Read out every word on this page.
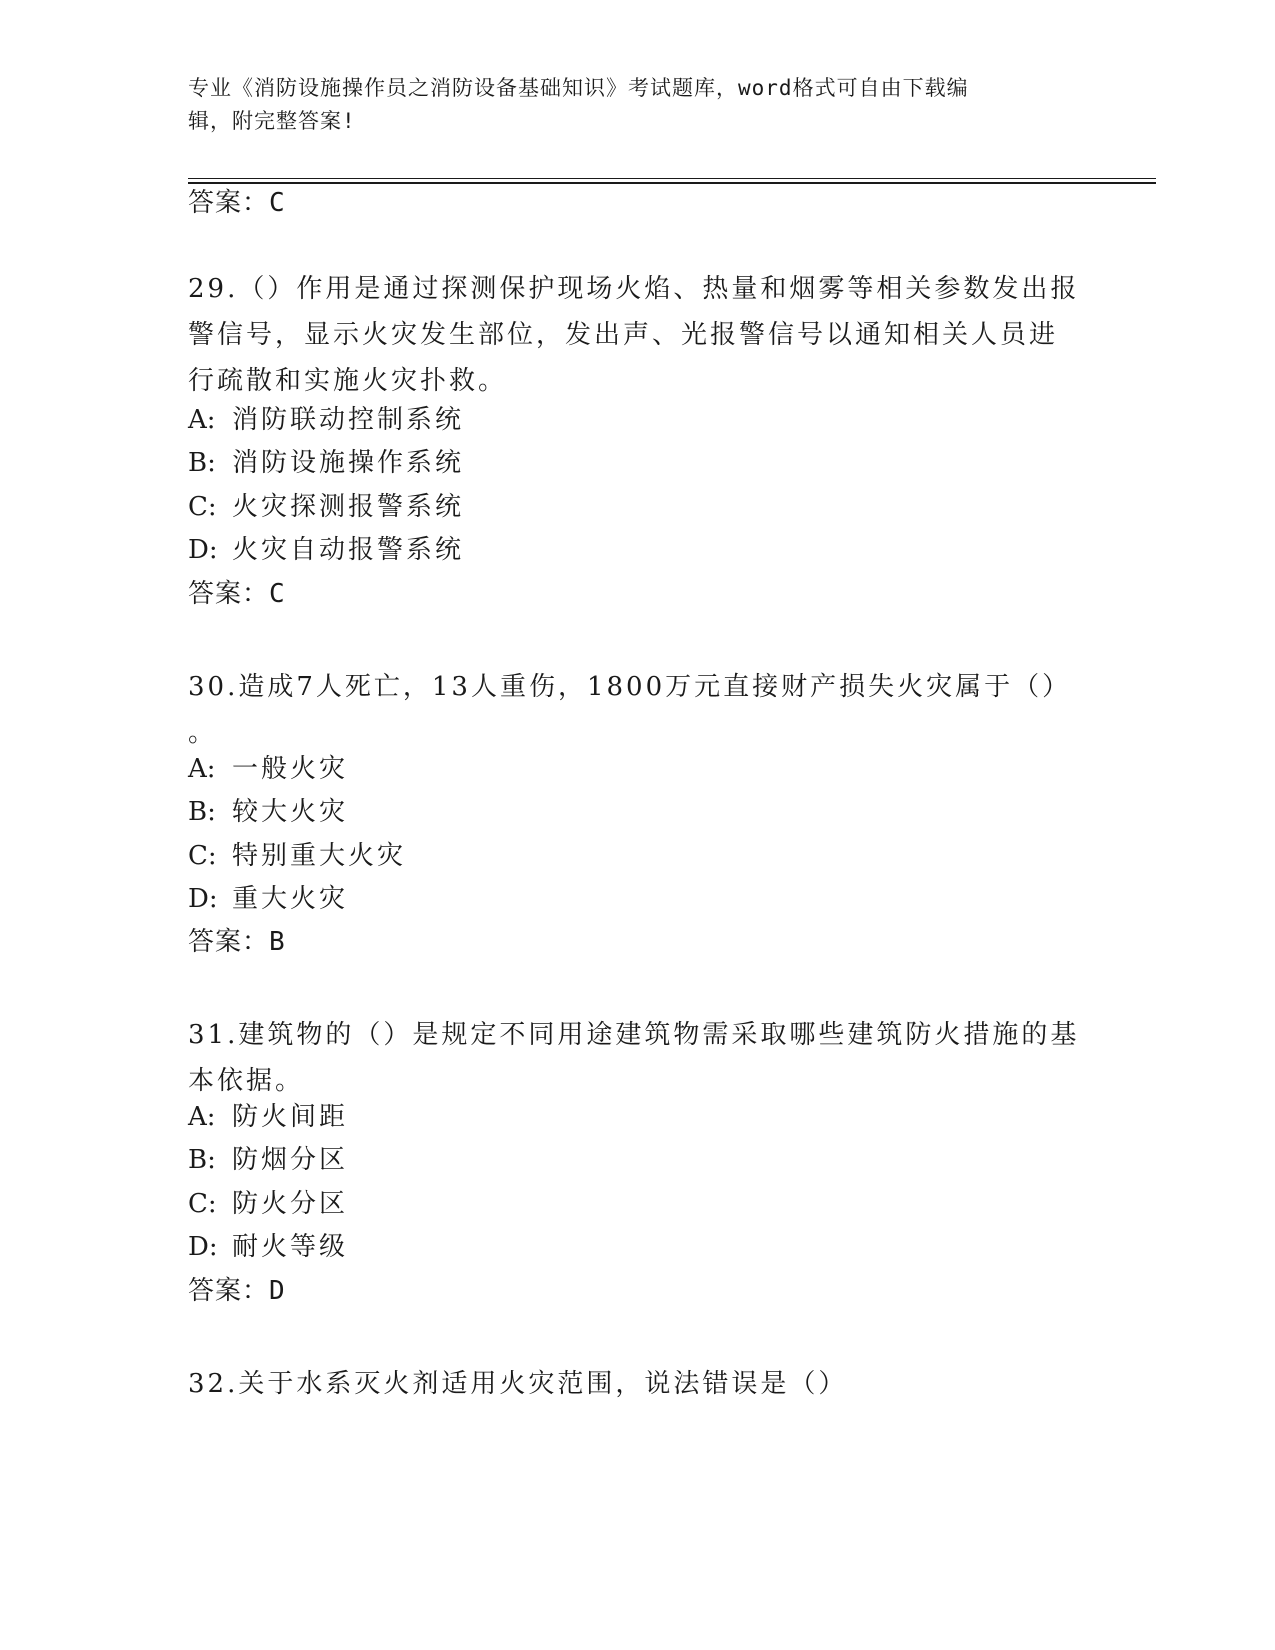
专业《消防设施操作员之消防设备基础知识》考试题库，word格式可自由下载编
辑，附完整答案!
答案：C
29.（）作用是通过探测保护现场火焰、热量和烟雾等相关参数发出报
警信号，显示火灾发生部位，发出声、光报警信号以通知相关人员进
行疏散和实施火灾扑救。
A: 消防联动控制系统
B: 消防设施操作系统
C: 火灾探测报警系统
D: 火灾自动报警系统
答案：C
30.造成7人死亡，13人重伤，1800万元直接财产损失火灾属于（）
。
A: 一般火灾
B: 较大火灾
C: 特别重大火灾
D: 重大火灾
答案：B
31.建筑物的（）是规定不同用途建筑物需采取哪些建筑防火措施的基
本依据。
A: 防火间距
B: 防烟分区
C: 防火分区
D: 耐火等级
答案：D
32.关于水系灭火剂适用火灾范围，说法错误是（）
